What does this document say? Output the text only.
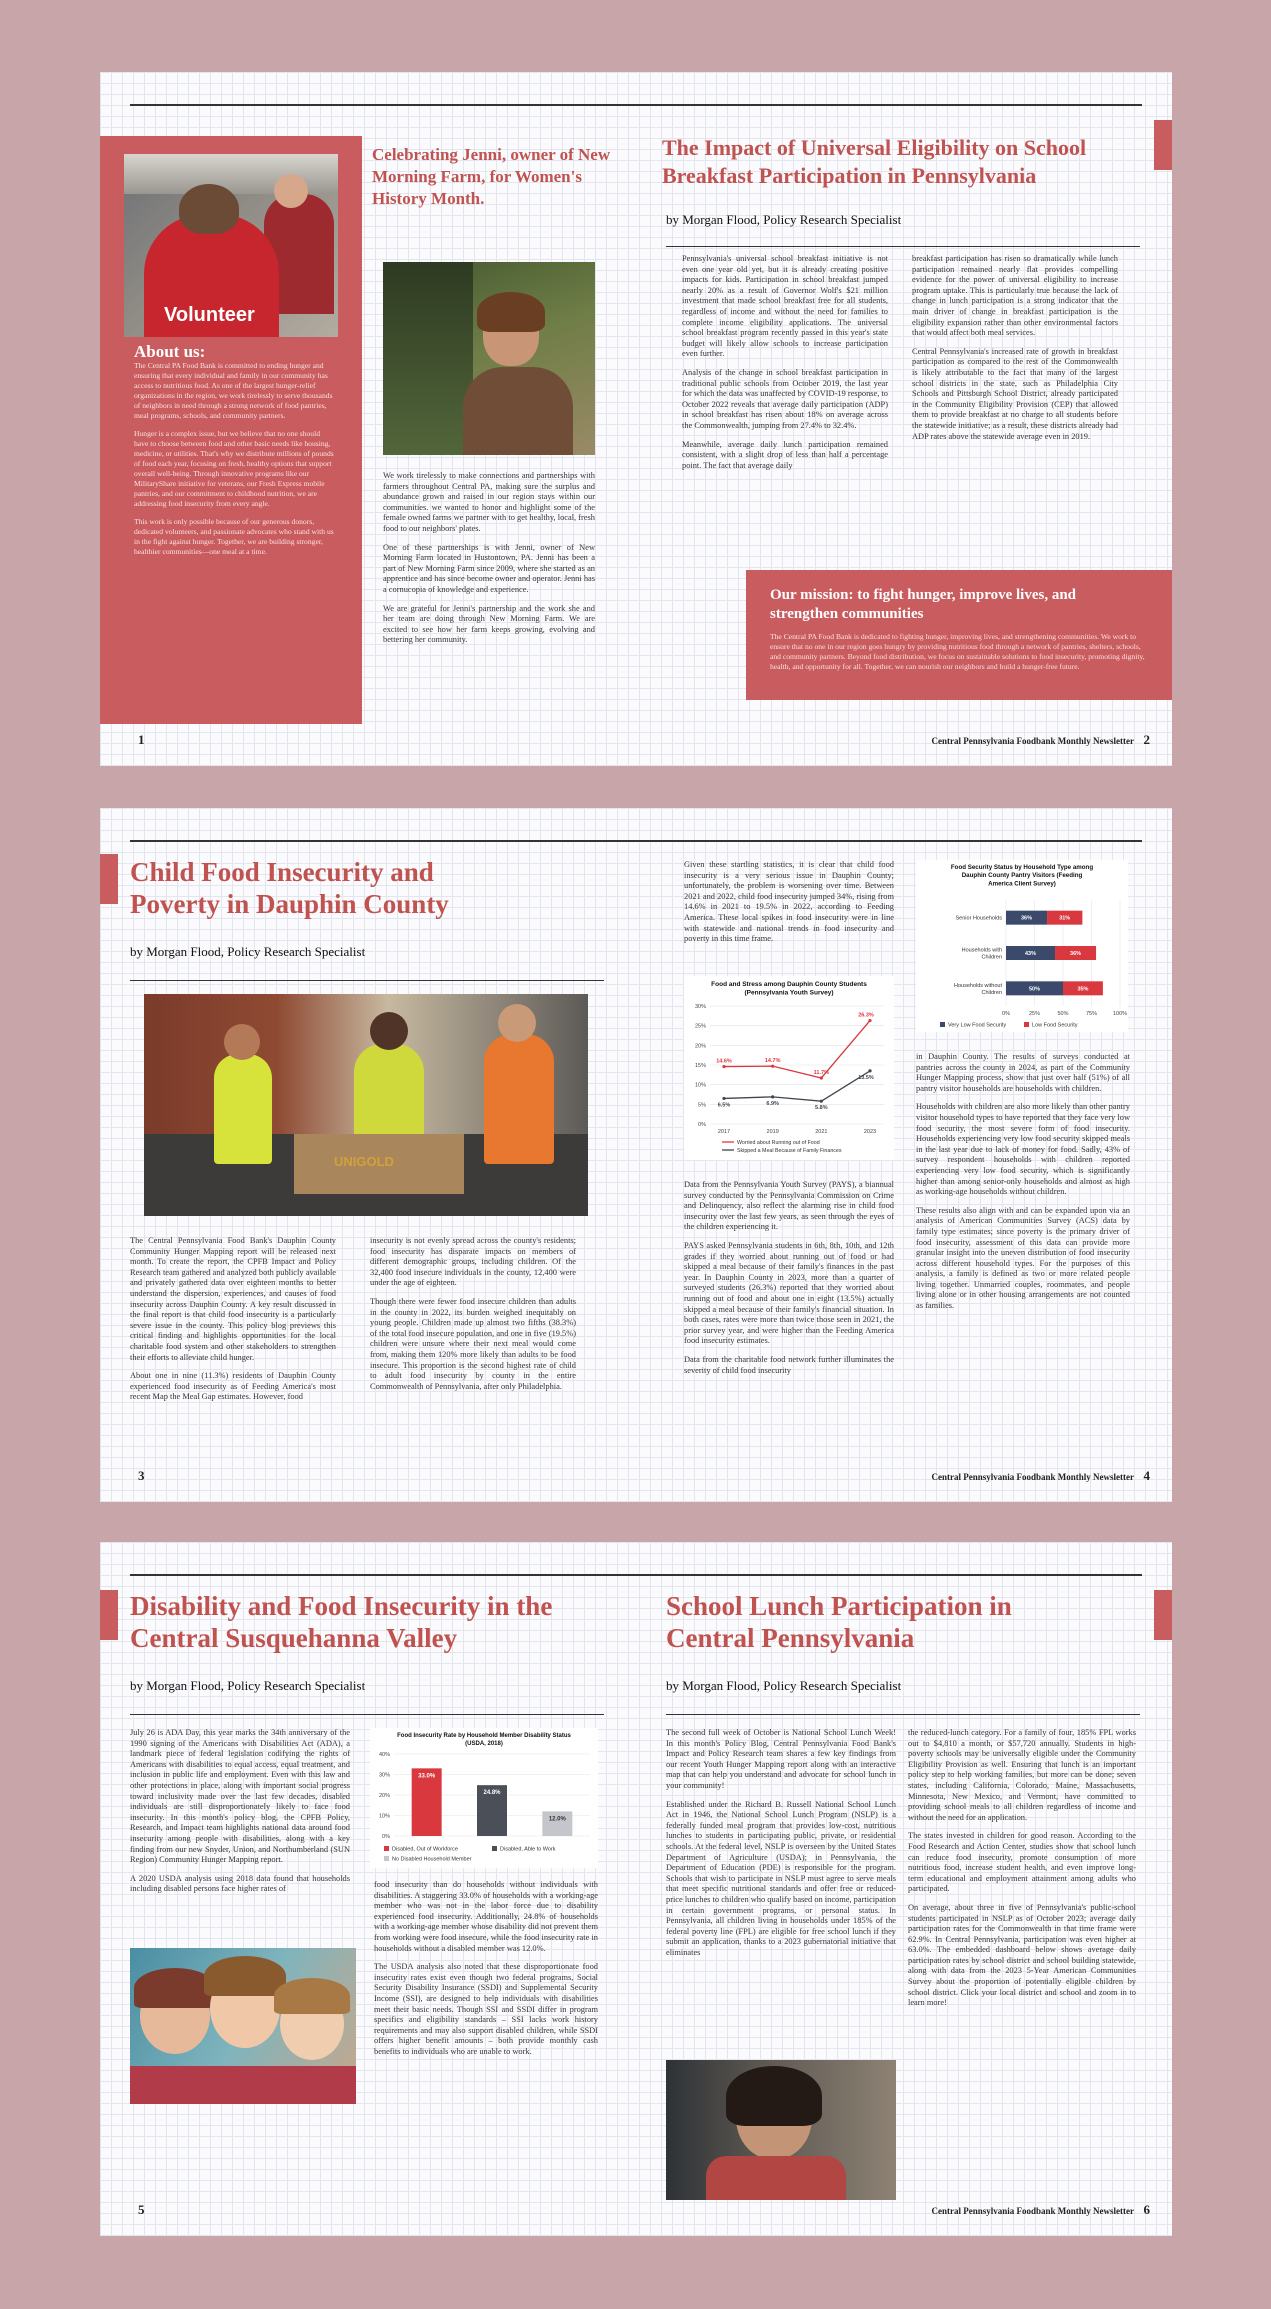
Volunteer
About us:

The Central PA Food Bank is committed to ending hunger and ensuring that every individual and family in our community has access to nutritious food. As one of the largest hunger-relief organizations in the region, we work tirelessly to serve thousands of neighbors in need through a strong network of food pantries, meal programs, schools, and community partners.

Hunger is a complex issue, but we believe that no one should have to choose between food and other basic needs like housing, medicine, or utilities. That's why we distribute millions of pounds of food each year, focusing on fresh, healthy options that support overall well-being. Through innovative programs like our MilitaryShare initiative for veterans, our Fresh Express mobile pantries, and our commitment to childhood nutrition, we are addressing food insecurity from every angle.

This work is only possible because of our generous donors, dedicated volunteers, and passionate advocates who stand with us in the fight against hunger. Together, we are building stronger, healthier communities—one meal at a time.

Celebrating Jenni, owner of New Morning Farm, for Women's History Month.

We work tirelessly to make connections and partnerships with farmers throughout Central PA, making sure the surplus and abundance grown and raised in our region stays within our communities. we wanted to honor and highlight some of the female owned farms we partner with to get healthy, local, fresh food to our neighbors' plates.

One of these partnerships is with Jenni, owner of New Morning Farm located in Hustontown, PA. Jenni has been a part of New Morning Farm since 2009, where she started as an apprentice and has since become owner and operator. Jenni has a cornucopia of knowledge and experience.

We are grateful for Jenni's partnership and the work she and her team are doing through New Morning Farm. We are excited to see how her farm keeps growing, evolving and bettering her community.

The Impact of Universal Eligibility on School Breakfast Participation in Pennsylvania
by Morgan Flood, Policy Research Specialist

Pennsylvania's universal school breakfast initiative is not even one year old yet, but it is already creating positive impacts for kids. Participation in school breakfast jumped nearly 20% as a result of Governor Wolf's $21 million investment that made school breakfast free for all students, regardless of income and without the need for families to complete income eligibility applications. The universal school breakfast program recently passed in this year's state budget will likely allow schools to increase participation even further.

Analysis of the change in school breakfast participation in traditional public schools from October 2019, the last year for which the data was unaffected by COVID-19 response, to October 2022 reveals that average daily participation (ADP) in school breakfast has risen about 18% on average across the Commonwealth, jumping from 27.4% to 32.4%.

Meanwhile, average daily lunch participation remained consistent, with a slight drop of less than half a percentage point. The fact that average daily

breakfast participation has risen so dramatically while lunch participation remained nearly flat provides compelling evidence for the power of universal eligibility to increase program uptake. This is particularly true because the lack of change in lunch participation is a strong indicator that the main driver of change in breakfast participation is the eligibility expansion rather than other environmental factors that would affect both meal services.

Central Pennsylvania's increased rate of growth in breakfast participation as compared to the rest of the Commonwealth is likely attributable to the fact that many of the largest school districts in the state, such as Philadelphia City Schools and Pittsburgh School District, already participated in the Community Eligibility Provision (CEP) that allowed them to provide breakfast at no charge to all students before the statewide initiative; as a result, these districts already had ADP rates above the statewide average even in 2019.

Our mission: to fight hunger, improve lives, and strengthen communities
The Central PA Food Bank is dedicated to fighting hunger, improving lives, and strengthening communities. We work to ensure that no one in our region goes hungry by providing nutritious food through a network of pantries, shelters, schools, and community partners. Beyond food distribution, we focus on sustainable solutions to food insecurity, promoting dignity, health, and opportunity for all. Together, we can nourish our neighbors and build a hunger-free future.
1	Central Pennsylvania Foodbank Monthly Newsletter 2
Child Food Insecurity and Poverty in Dauphin County
by Morgan Flood, Policy Research Specialist
UNIGOLD

The Central Pennsylvania Food Bank's Dauphin County Community Hunger Mapping report will be released next month. To create the report, the CPFB Impact and Policy Research team gathered and analyzed both publicly available and privately gathered data over eighteen months to better understand the dispersion, experiences, and causes of food insecurity across Dauphin County. A key result discussed in the final report is that child food insecurity is a particularly severe issue in the county. This policy blog previews this critical finding and highlights opportunities for the local charitable food system and other stakeholders to strengthen their efforts to alleviate child hunger.

About one in nine (11.3%) residents of Dauphin County experienced food insecurity as of Feeding America's most recent Map the Meal Gap estimates. However, food

insecurity is not evenly spread across the county's residents; food insecurity has disparate impacts on members of different demographic groups, including children. Of the 32,400 food insecure individuals in the county, 12,400 were under the age of eighteen.

Though there were fewer food insecure children than adults in the county in 2022, its burden weighed inequitably on young people. Children made up almost two fifths (38.3%) of the total food insecure population, and one in five (19.5%) children were unsure where their next meal would come from, making them 120% more likely than adults to be food insecure. This proportion is the second highest rate of child to adult food insecurity by county in the entire Commonwealth of Pennsylvania, after only Philadelphia.

Given these startling statistics, it is clear that child food insecurity is a very serious issue in Dauphin County; unfortunately, the problem is worsening over time. Between 2021 and 2022, child food insecurity jumped 34%, rising from 14.6% in 2021 to 19.5% in 2022, according to Feeding America. These local spikes in food insecurity were in line with statewide and national trends in food insecurity and poverty in this time frame.

Food and Stress among Dauphin County Students
(Pennsylvania Youth Survey)
0%
5%
10%
15%
20%
25%
30%
2017	2019	2021	2023
14.6%	14.7%
11.7%
26.3%
Worried about Running out of Food
6.5%	6.9%
5.8%
13.5%
Skipped a Meal Because of Family Finances

Data from the Pennsylvania Youth Survey (PAYS), a biannual survey conducted by the Pennsylvania Commission on Crime and Delinquency, also reflect the alarming rise in child food insecurity over the last few years, as seen through the eyes of the children experiencing it.

PAYS asked Pennsylvania students in 6th, 8th, 10th, and 12th grades if they worried about running out of food or had skipped a meal because of their family's finances in the past year. In Dauphin County in 2023, more than a quarter of surveyed students (26.3%) reported that they worried about running out of food and about one in eight (13.5%) actually skipped a meal because of their family's financial situation. In both cases, rates were more than twice those seen in 2021, the prior survey year, and were higher than the Feeding America food insecurity estimates.

Data from the charitable food network further illuminates the severity of child food insecurity

Food Security Status by Household Type among
Dauphin County Pantry Visitors (Feeding
America Client Survey)
0%	25%	50%	75%	100%
Senior Households	36%	31%
Households with
Children
43%	36%
Households without
Children
50%	35%
Very Low Food Security	Low Food Security

in Dauphin County. The results of surveys conducted at pantries across the county in 2024, as part of the Community Hunger Mapping process, show that just over half (51%) of all pantry visitor households are households with children.

Households with children are also more likely than other pantry visitor household types to have reported that they face very low food security, the most severe form of food insecurity. Households experiencing very low food security skipped meals in the last year due to lack of money for food. Sadly, 43% of survey respondent households with children reported experiencing very low food security, which is significantly higher than among senior-only households and almost as high as working-age households without children.

These results also align with and can be expanded upon via an analysis of American Communities Survey (ACS) data by family type estimates; since poverty is the primary driver of food insecurity, assessment of this data can provide more granular insight into the uneven distribution of food insecurity across different household types. For the purposes of this analysis, a family is defined as two or more related people living together. Unmarried couples, roommates, and people living alone or in other housing arrangements are not counted as families.

3	Central Pennsylvania Foodbank Monthly Newsletter 4
Disability and Food Insecurity in the Central Susquehanna Valley
by Morgan Flood, Policy Research Specialist

July 26 is ADA Day, this year marks the 34th anniversary of the 1990 signing of the Americans with Disabilities Act (ADA), a landmark piece of federal legislation codifying the rights of Americans with disabilities to equal access, equal treatment, and inclusion in public life and employment. Even with this law and other protections in place, along with important social progress toward inclusivity made over the last few decades, disabled individuals are still disproportionately likely to face food insecurity. In this month's policy blog, the CPFB Policy, Research, and Impact team highlights national data around food insecurity among people with disabilities, along with a key finding from our new Snyder, Union, and Northumberland (SUN Region) Community Hunger Mapping report.

A 2020 USDA analysis using 2018 data found that households including disabled persons face higher rates of

Food Insecurity Rate by Household Member Disability Status
(USDA, 2018)
0%
10%
20%
30%
40%
33.0%
24.8%
12.0%
Disabled, Out of Workforce	Disabled, Able to Work
No Disabled Household Member

food insecurity than do households without individuals with disabilities. A staggering 33.0% of households with a working-age member who was not in the labor force due to disability experienced food insecurity. Additionally, 24.8% of households with a working-age member whose disability did not prevent them from working were food insecure, while the food insecurity rate in households without a disabled member was 12.0%.

The USDA analysis also noted that these disproportionate food insecurity rates exist even though two federal programs, Social Security Disability Insurance (SSDI) and Supplemental Security Income (SSI), are designed to help individuals with disabilities meet their basic needs. Though SSI and SSDI differ in program specifics and eligibility standards – SSI lacks work history requirements and may also support disabled children, while SSDI offers higher benefit amounts – both provide monthly cash benefits to individuals who are unable to work.

School Lunch Participation in Central Pennsylvania
by Morgan Flood, Policy Research Specialist

The second full week of October is National School Lunch Week! In this month's Policy Blog, Central Pennsylvania Food Bank's Impact and Policy Research team shares a few key findings from our recent Youth Hunger Mapping report along with an interactive map that can help you understand and advocate for school lunch in your community!

Established under the Richard B. Russell National School Lunch Act in 1946, the National School Lunch Program (NSLP) is a federally funded meal program that provides low-cost, nutritious lunches to students in participating public, private, or residential schools. At the federal level, NSLP is overseen by the United States Department of Agriculture (USDA); in Pennsylvania, the Department of Education (PDE) is responsible for the program. Schools that wish to participate in NSLP must agree to serve meals that meet specific nutritional standards and offer free or reduced-price lunches to children who qualify based on income, participation in certain government programs, or personal status. In Pennsylvania, all children living in households under 185% of the federal poverty line (FPL) are eligible for free school lunch if they submit an application, thanks to a 2023 gubernatorial initiative that eliminates

the reduced-lunch category. For a family of four, 185% FPL works out to $4,810 a month, or $57,720 annually. Students in high-poverty schools may be universally eligible under the Community Eligibility Provision as well. Ensuring that lunch is an important policy step to help working families, but more can be done; seven states, including California, Colorado, Maine, Massachusetts, Minnesota, New Mexico, and Vermont, have committed to providing school meals to all children regardless of income and without the need for an application.

The states invested in children for good reason. According to the Food Research and Action Center, studies show that school lunch can reduce food insecurity, promote consumption of more nutritious food, increase student health, and even improve long-term educational and employment attainment among adults who participated.

On average, about three in five of Pennsylvania's public-school students participated in NSLP as of October 2023; average daily participation rates for the Commonwealth in that time frame were 62.9%. In Central Pennsylvania, participation was even higher at 63.0%. The embedded dashboard below shows average daily participation rates by school district and school building statewide, along with data from the 2023 5-Year American Communities Survey about the proportion of potentially eligible children by school district. Click your local district and school and zoom in to learn more!

5	Central Pennsylvania Foodbank Monthly Newsletter 6
